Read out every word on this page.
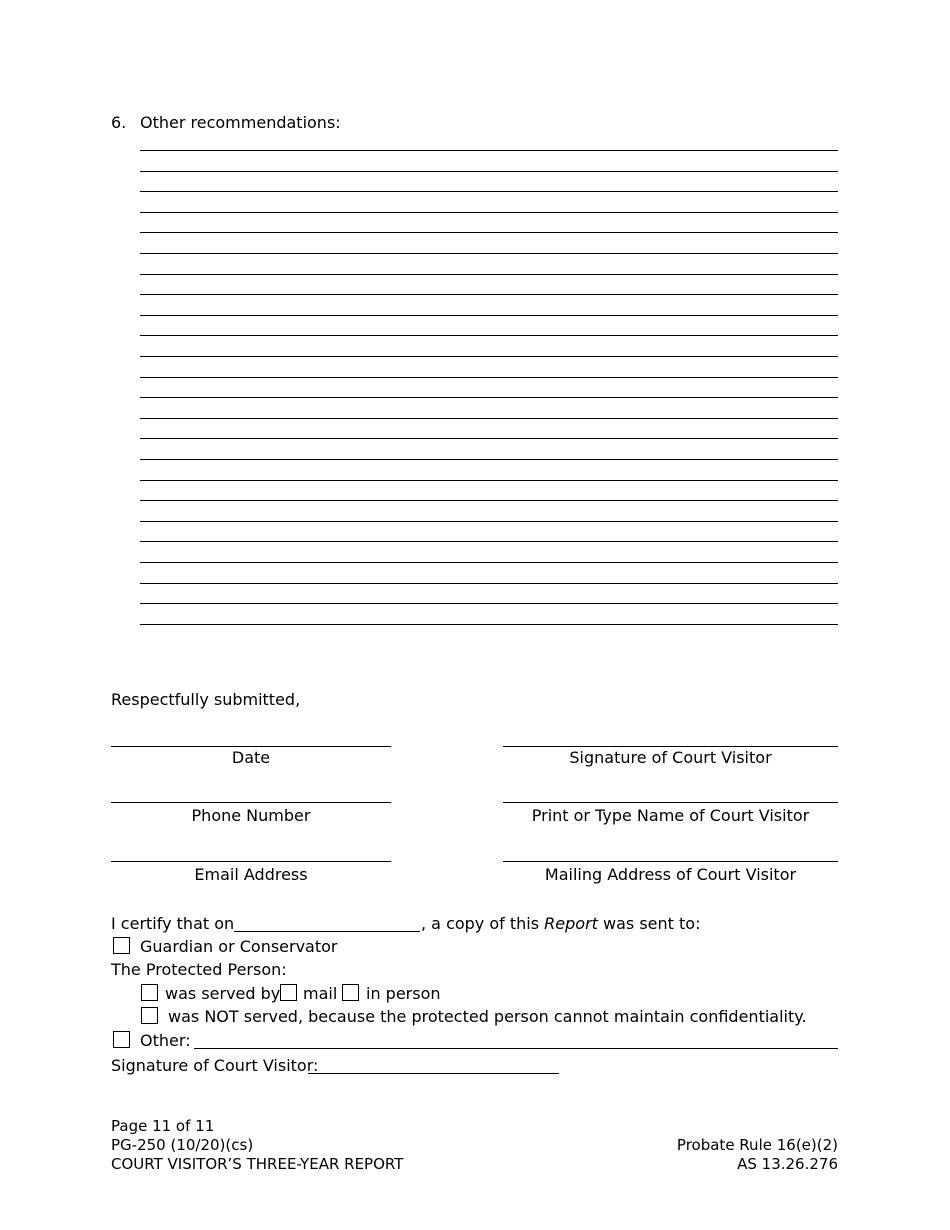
6. Other recommendations:
Respectfully submitted,
Date
Phone Number
Email Address
Signature of Court Visitor
Print or Type Name of Court Visitor
Mailing Address of Court Visitor
I certify that on	, a copy of this Report was sent to:
Guardian or Conservator
The Protected Person:
was served by mail in person
was NOT served, because the protected person cannot maintain confidentiality.
Other:
Signature of Court Visitor:
Page 11 of 11
PG-250 (10/20)(cs)
COURT VISITOR’S THREE-YEAR REPORT
Probate Rule 16(e)(2)
AS 13.26.276
